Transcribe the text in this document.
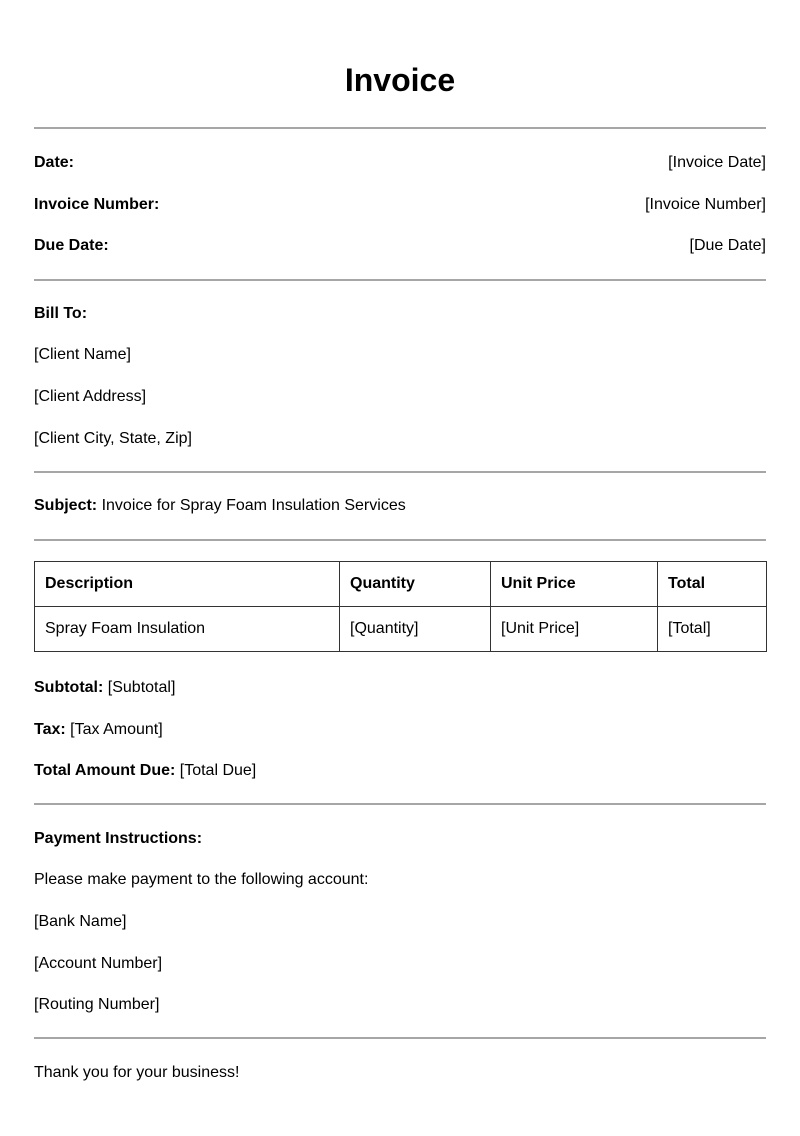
Invoice
Date:	[Invoice Date]
Invoice Number:	[Invoice Number]
Due Date:	[Due Date]
Bill To:
[Client Name]
[Client Address]
[Client City, State, Zip]
Subject: Invoice for Spray Foam Insulation Services
Description	Quantity	Unit Price	Total
Spray Foam Insulation	[Quantity]	[Unit Price]	[Total]
Subtotal: [Subtotal]
Tax: [Tax Amount]
Total Amount Due: [Total Due]
Payment Instructions:
Please make payment to the following account:
[Bank Name]
[Account Number]
[Routing Number]
Thank you for your business!
